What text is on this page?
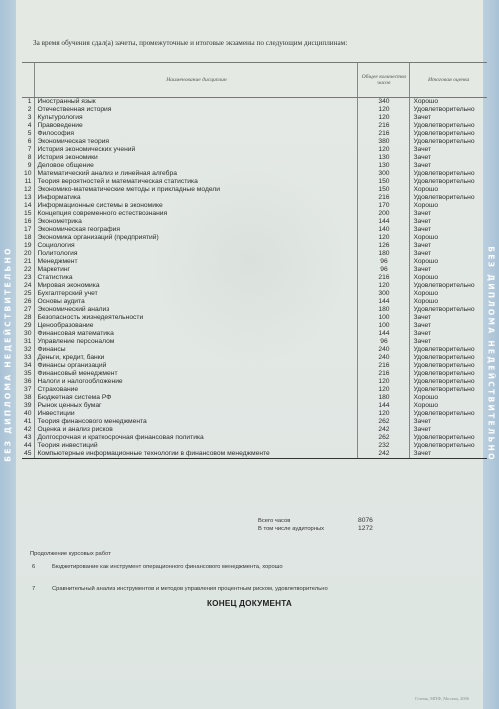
БЕЗ ДИПЛОМА НЕДЕЙСТВИТЕЛЬНО	БЕЗ ДИПЛОМА НЕДЕЙСТВИТЕЛЬНО
За время обучения сдал(а) зачеты, промежуточные и итоговые экзамены по следующим дисциплинам:
	Наименование дисциплин	Общее количество часов	Итоговая оценка
1	Иностранный язык	340	Хорошо
2	Отечественная история	120	Удовлетворительно
3	Культурология	120	Зачет
4	Правоведение	216	Удовлетворительно
5	Философия	216	Удовлетворительно
6	Экономическая теория	380	Удовлетворительно
7	История экономических учений	120	Зачет
8	История экономики	130	Зачет
9	Деловое общение	130	Зачет
10	Математический анализ и линейная алгебра	300	Удовлетворительно
11	Теория вероятностей и математическая статистика	150	Удовлетворительно
12	Экономико-математические методы и прикладные модели	150	Хорошо
13	Информатика	216	Удовлетворительно
14	Информационные системы в экономике	170	Хорошо
15	Концепция современного естествознания	200	Зачет
16	Эконометрика	144	Зачет
17	Экономическая география	140	Зачет
18	Экономика организаций (предприятий)	120	Хорошо
19	Социология	126	Зачет
20	Политология	180	Зачет
21	Менеджмент	96	Хорошо
22	Маркетинг	96	Зачет
23	Статистика	216	Хорошо
24	Мировая экономика	120	Удовлетворительно
25	Бухгалтерский учет	300	Хорошо
26	Основы аудита	144	Хорошо
27	Экономический анализ	180	Удовлетворительно
28	Безопасность жизнедеятельности	100	Зачет
29	Ценообразование	100	Зачет
30	Финансовая математика	144	Зачет
31	Управление персоналом	96	Зачет
32	Финансы	240	Удовлетворительно
33	Деньги, кредит, банки	240	Удовлетворительно
34	Финансы организаций	216	Удовлетворительно
35	Финансовый менеджмент	216	Удовлетворительно
36	Налоги и налогообложение	120	Удовлетворительно
37	Страхование	120	Удовлетворительно
38	Бюджетная система РФ	180	Хорошо
39	Рынок ценных бумаг	144	Хорошо
40	Инвестиции	120	Удовлетворительно
41	Теория финансового менеджмента	262	Зачет
42	Оценка и анализ рисков	242	Зачет
43	Долгосрочная и краткосрочная финансовая политика	262	Удовлетворительно
44	Теория инвестиций	232	Удовлетворительно
45	Компьютерные информационные технологии в финансовом менеджменте	242	Зачет
Всего часов	8076
В том числе аудиторных	1272
Продолжение курсовых работ
6	Бюджетирование как инструмент операционного финансового менеджмента, хорошо
7	Сравнительный анализ инструментов и методов управления процентным риском, удовлетворительно
КОНЕЦ ДОКУМЕНТА
Гознак, МПФ, Москва, 2006
